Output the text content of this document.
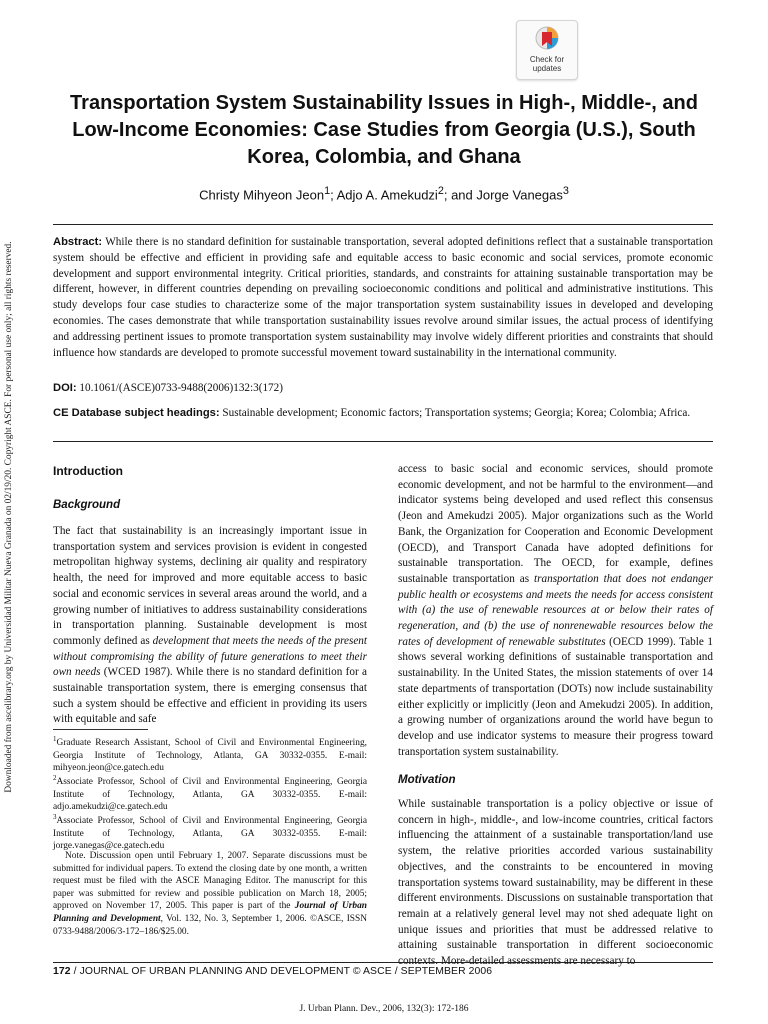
Check for
updates
Downloaded from ascelibrary.org by Universidad Militar Nueva Granada on 02/19/20. Copyright ASCE. For personal use only; all rights reserved.
Transportation System Sustainability Issues in High-, Middle-, and Low-Income Economies: Case Studies from Georgia (U.S.), South Korea, Colombia, and Ghana
Christy Mihyeon Jeon$^1$; Adjo A. Amekudzi$^2$; and Jorge Vanegas$^3$

Abstract: While there is no standard definition for sustainable transportation, several adopted definitions reflect that a sustainable transportation system should be effective and efficient in providing safe and equitable access to basic economic and social services, promote economic development and support environmental integrity. Critical priorities, standards, and constraints for attaining sustainable transportation may be different, however, in different countries depending on prevailing socioeconomic conditions and political and administrative institutions. This study develops four case studies to characterize some of the major transportation system sustainability issues in developed and developing economies. The cases demonstrate that while transportation sustainability issues revolve around similar issues, the actual process of identifying and addressing pertinent issues to promote transportation system sustainability may involve widely different priorities and constraints that should influence how standards are developed to promote successful movement toward sustainability in the international community.

DOI: 10.1061/(ASCE)0733-9488(2006)132:3(172)

CE Database subject headings: Sustainable development; Economic factors; Transportation systems; Georgia; Korea; Colombia; Africa.

Introduction
Background

The fact that sustainability is an increasingly important issue in transportation system and services provision is evident in congested metropolitan highway systems, declining air quality and respiratory health, the need for improved and more equitable access to basic social and economic services in several areas around the world, and a growing number of initiatives to address sustainability considerations in transportation planning. Sustainable development is most commonly defined as development that meets the needs of the present without compromising the ability of future generations to meet their own needs (WCED 1987). While there is no standard definition for a sustainable transportation system, there is emerging consensus that such a system should be effective and efficient in providing its users with equitable and safe

$^1$Graduate Research Assistant, School of Civil and Environmental Engineering, Georgia Institute of Technology, Atlanta, GA 30332-0355. E-mail: mihyeon.jeon@ce.gatech.edu

$^2$Associate Professor, School of Civil and Environmental Engineering, Georgia Institute of Technology, Atlanta, GA 30332-0355. E-mail: adjo.amekudzi@ce.gatech.edu

$^3$Associate Professor, School of Civil and Environmental Engineering, Georgia Institute of Technology, Atlanta, GA 30332-0355. E-mail: jorge.vanegas@ce.gatech.edu

Note. Discussion open until February 1, 2007. Separate discussions must be submitted for individual papers. To extend the closing date by one month, a written request must be filed with the ASCE Managing Editor. The manuscript for this paper was submitted for review and possible publication on March 18, 2005; approved on November 17, 2005. This paper is part of the Journal of Urban Planning and Development, Vol. 132, No. 3, September 1, 2006. ©ASCE, ISSN 0733-9488/2006/3-172–186/$25.00.

access to basic social and economic services, should promote economic development, and not be harmful to the environment—and indicator systems being developed and used reflect this consensus (Jeon and Amekudzi 2005). Major organizations such as the World Bank, the Organization for Cooperation and Economic Development (OECD), and Transport Canada have adopted definitions for sustainable transportation. The OECD, for example, defines sustainable transportation as transportation that does not endanger public health or ecosystems and meets the needs for access consistent with (a) the use of renewable resources at or below their rates of regeneration, and (b) the use of nonrenewable resources below the rates of development of renewable substitutes (OECD 1999). Table 1 shows several working definitions of sustainable transportation and sustainability. In the United States, the mission statements of over 14 state departments of transportation (DOTs) now include sustainability either explicitly or implicitly (Jeon and Amekudzi 2005). In addition, a growing number of organizations around the world have begun to develop and use indicator systems to measure their progress toward transportation system sustainability.

Motivation

While sustainable transportation is a policy objective or issue of concern in high-, middle-, and low-income countries, critical factors influencing the attainment of a sustainable transportation/land use system, the relative priorities accorded various sustainability objectives, and the constraints to be encountered in moving transportation systems toward sustainability, may be different in these different environments. Discussions on sustainable transportation that remain at a relatively general level may not shed adequate light on unique issues and priorities that must be addressed relative to attaining sustainable transportation in different socioeconomic

172 / JOURNAL OF URBAN PLANNING AND DEVELOPMENT © ASCE / SEPTEMBER 2006

J. Urban Plann. Dev., 2006, 132(3): 172-186
